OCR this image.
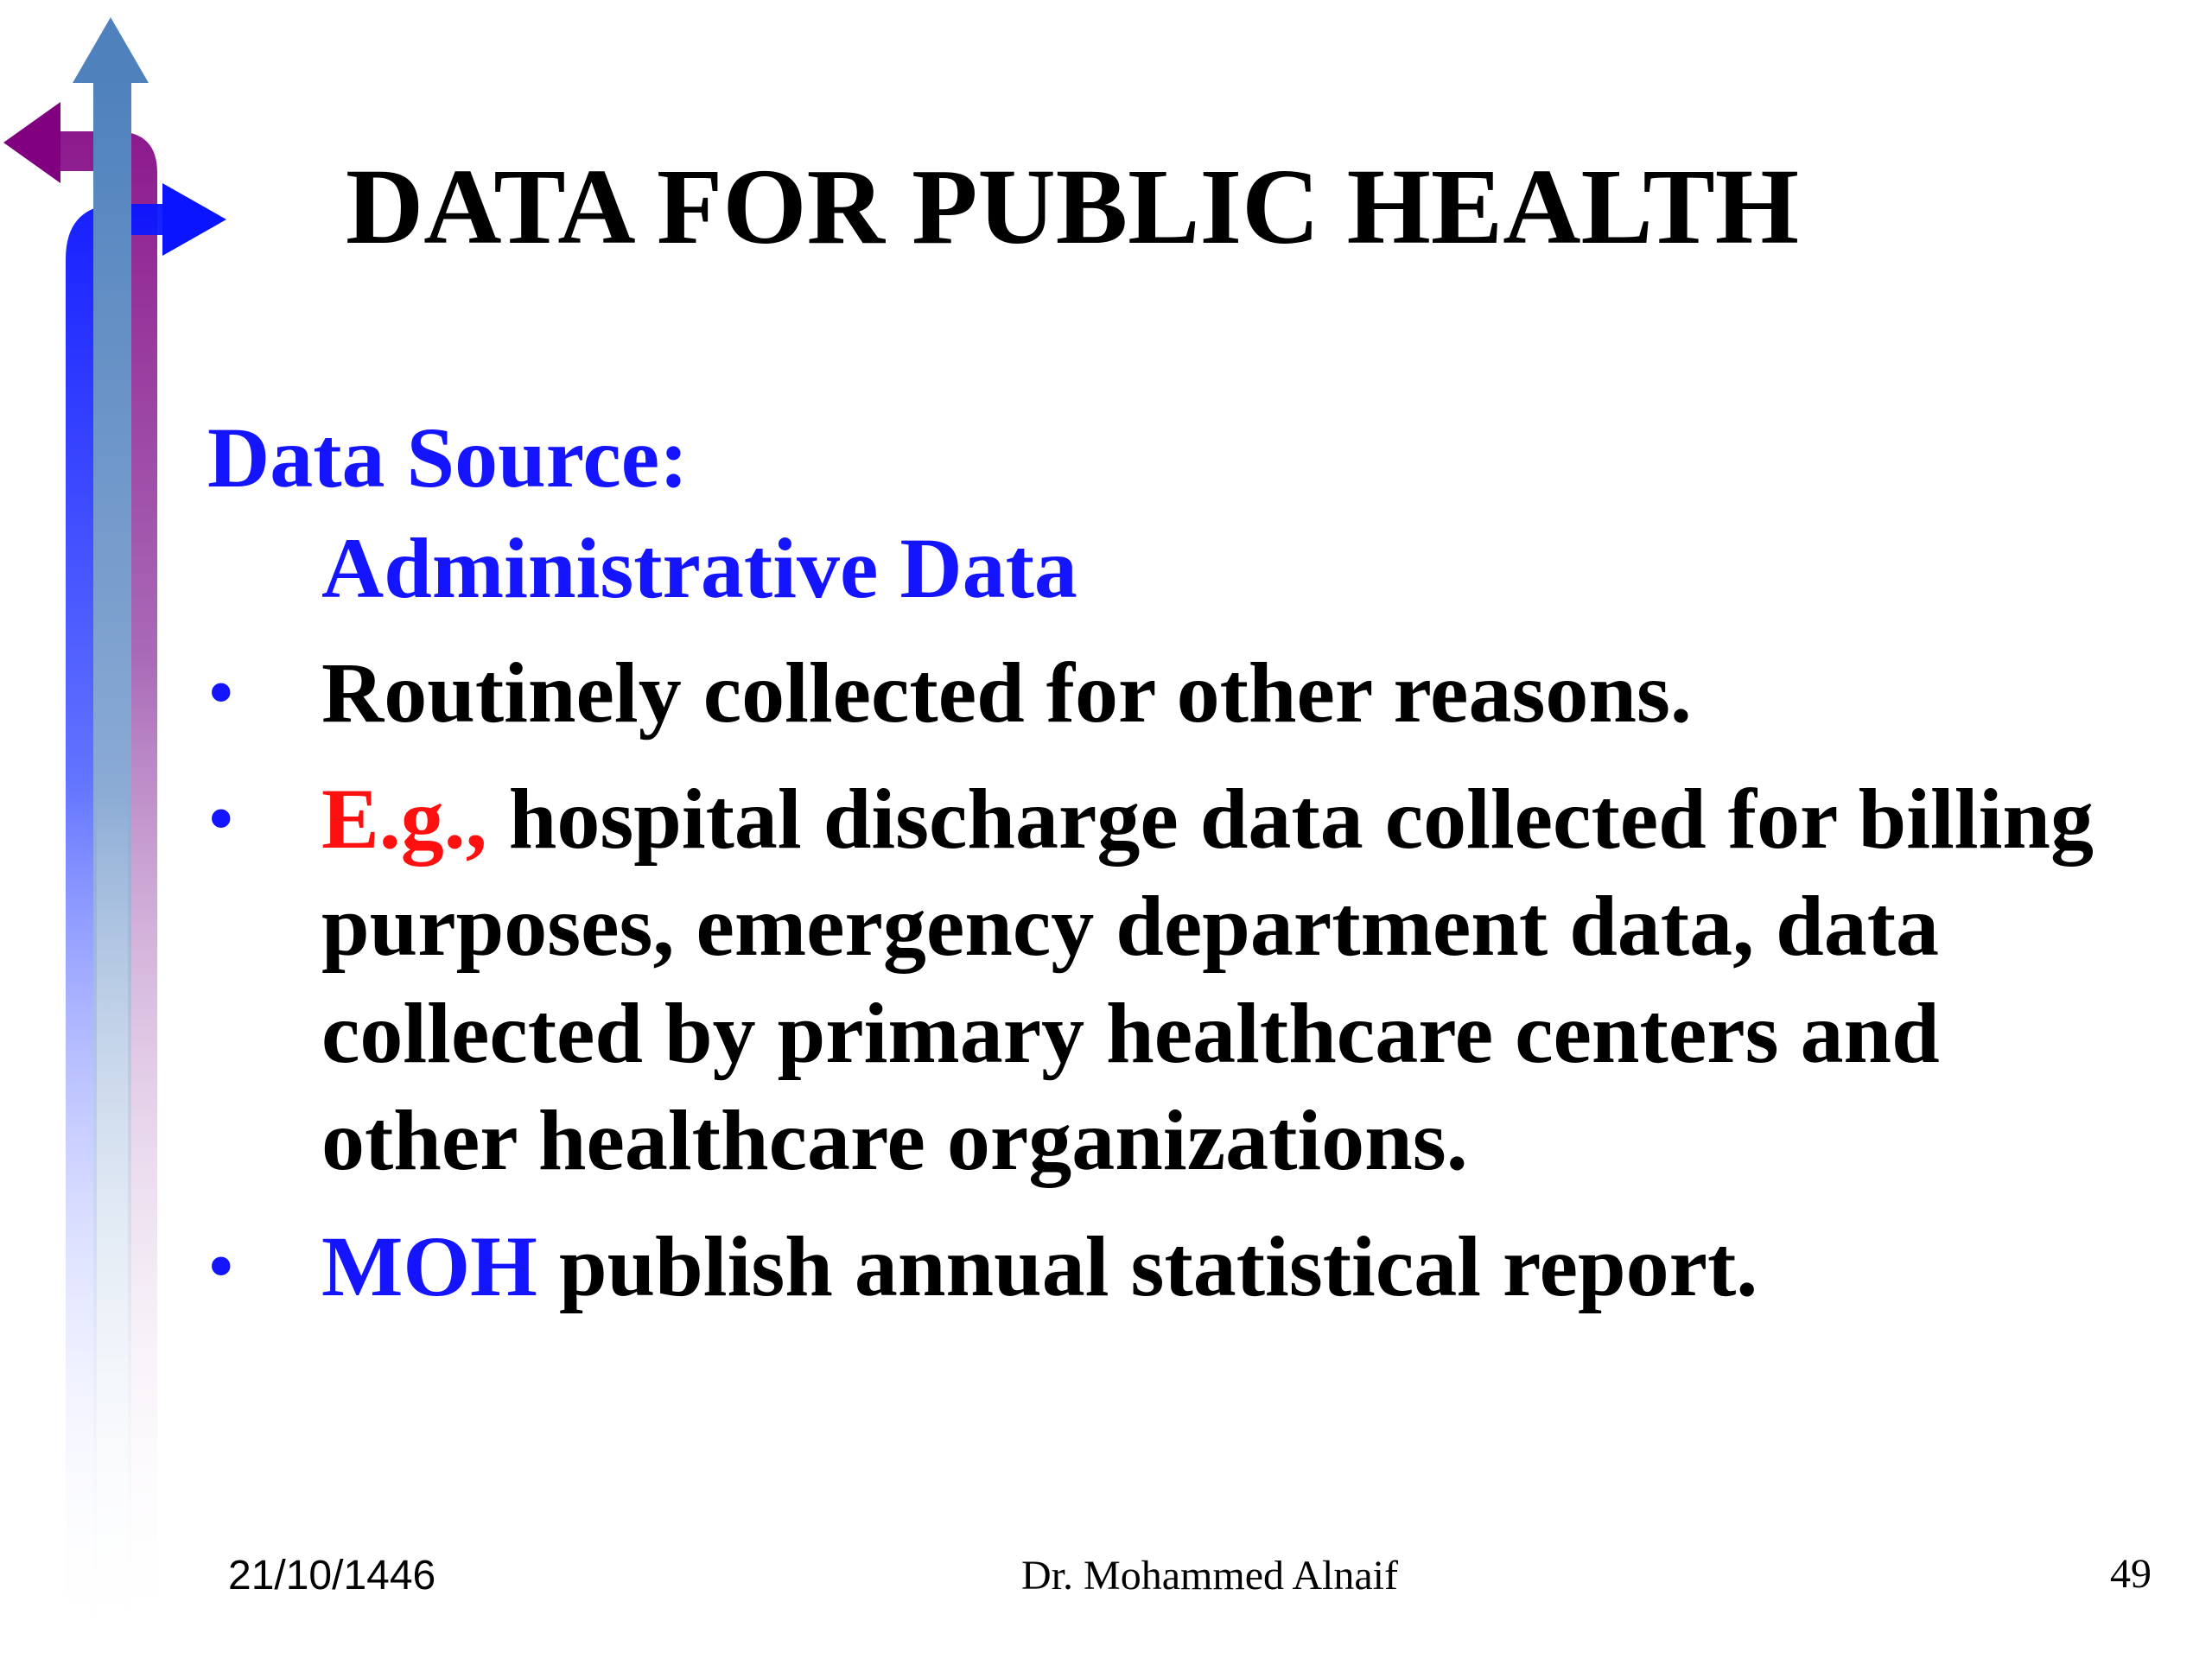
DATA FOR PUBLIC HEALTH
Data Source:
Administrative Data
• Routinely collected for other reasons.
• E.g., hospital discharge data collected for billing purposes, emergency department data, data collected by primary healthcare centers and other healthcare organizations.
• MOH publish annual statistical report.
21/10/1446	Dr. Mohammed Alnaif	49
